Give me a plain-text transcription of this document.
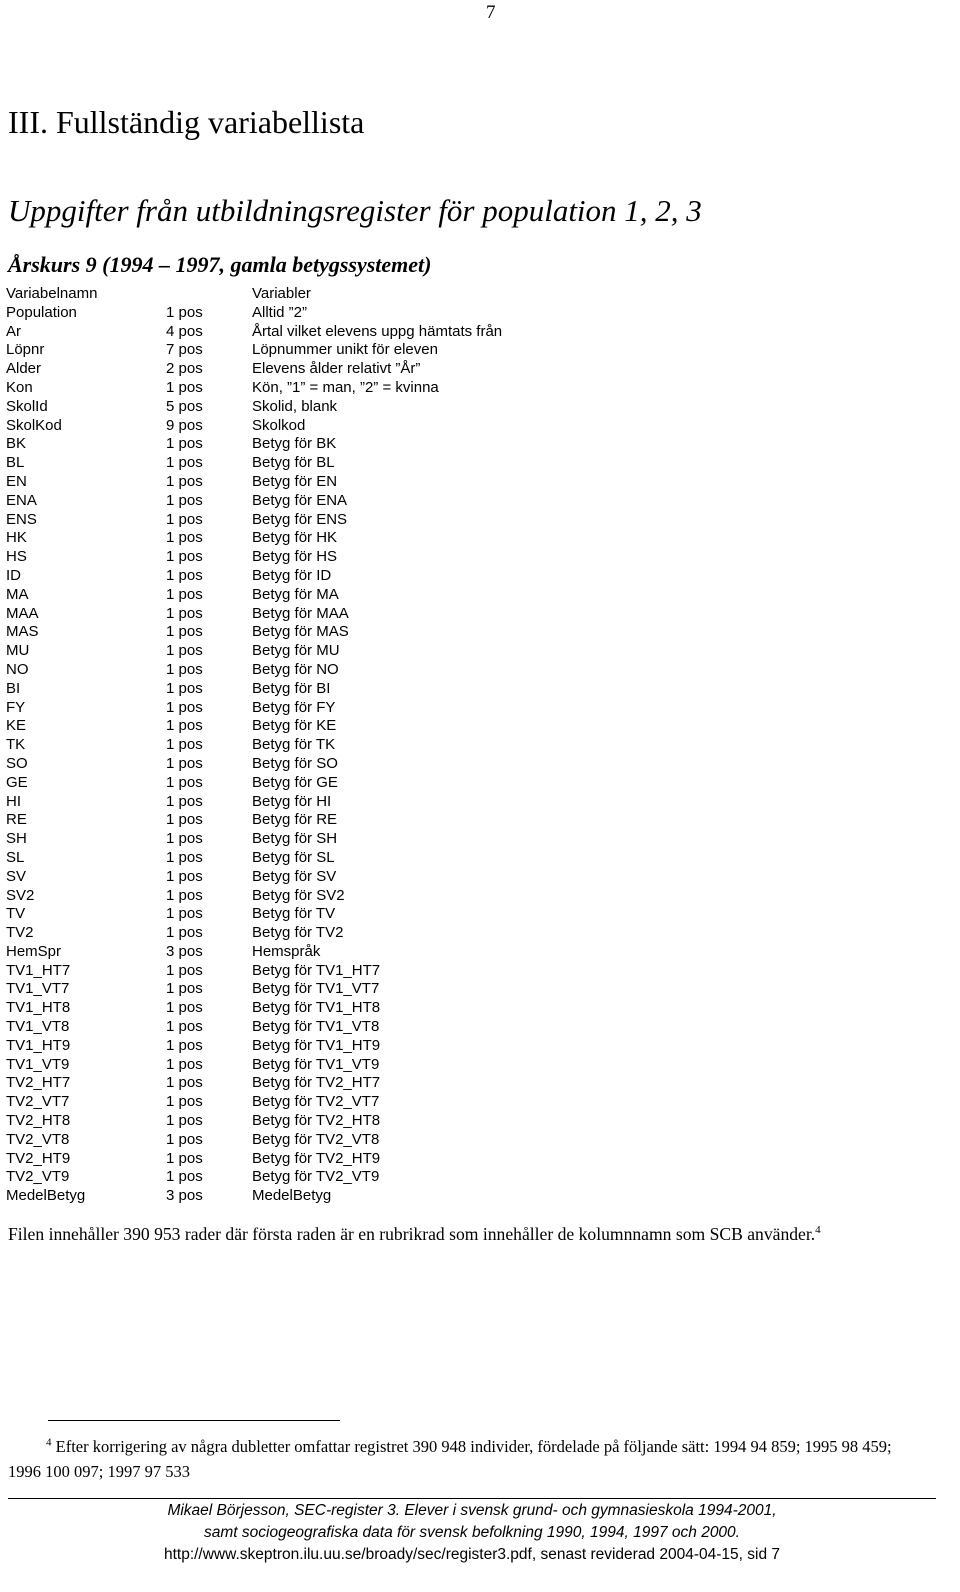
7
III. Fullständig variabellista
Uppgifter från utbildningsregister för population 1, 2, 3
Årskurs 9 (1994 – 1997, gamla betygssystemet)
Variabelnamn	Variabler
Population	1 pos	Alltid ”2”
Ar	4 pos	Årtal vilket elevens uppg hämtats från
Löpnr	7 pos	Löpnummer unikt för eleven
Alder	2 pos	Elevens ålder relativt ”År”
Kon	1 pos	Kön, ”1” = man, ”2” = kvinna
SkolId	5 pos	Skolid, blank
SkolKod	9 pos	Skolkod
BK	1 pos	Betyg för BK
BL	1 pos	Betyg för BL
EN	1 pos	Betyg för EN
ENA	1 pos	Betyg för ENA
ENS	1 pos	Betyg för ENS
HK	1 pos	Betyg för HK
HS	1 pos	Betyg för HS
ID	1 pos	Betyg för ID
MA	1 pos	Betyg för MA
MAA	1 pos	Betyg för MAA
MAS	1 pos	Betyg för MAS
MU	1 pos	Betyg för MU
NO	1 pos	Betyg för NO
BI	1 pos	Betyg för BI
FY	1 pos	Betyg för FY
KE	1 pos	Betyg för KE
TK	1 pos	Betyg för TK
SO	1 pos	Betyg för SO
GE	1 pos	Betyg för GE
HI	1 pos	Betyg för HI
RE	1 pos	Betyg för RE
SH	1 pos	Betyg för SH
SL	1 pos	Betyg för SL
SV	1 pos	Betyg för SV
SV2	1 pos	Betyg för SV2
TV	1 pos	Betyg för TV
TV2	1 pos	Betyg för TV2
HemSpr	3 pos	Hemspråk
TV1_HT7	1 pos	Betyg för TV1_HT7
TV1_VT7	1 pos	Betyg för TV1_VT7
TV1_HT8	1 pos	Betyg för TV1_HT8
TV1_VT8	1 pos	Betyg för TV1_VT8
TV1_HT9	1 pos	Betyg för TV1_HT9
TV1_VT9	1 pos	Betyg för TV1_VT9
TV2_HT7	1 pos	Betyg för TV2_HT7
TV2_VT7	1 pos	Betyg för TV2_VT7
TV2_HT8	1 pos	Betyg för TV2_HT8
TV2_VT8	1 pos	Betyg för TV2_VT8
TV2_HT9	1 pos	Betyg för TV2_HT9
TV2_VT9	1 pos	Betyg för TV2_VT9
MedelBetyg	3 pos	MedelBetyg
Filen innehåller 390 953 rader där första raden är en rubrikrad som innehåller de kolumnnamn som SCB använder.$^4$

$^4$ Efter korrigering av några dubletter omfattar registret 390 948 individer, fördelade på följande sätt: 1994 94 859; 1995 98 459; 1996 100 097; 1997 97 533

Mikael Börjesson, SEC-register 3. Elever i svensk grund- och gymnasieskola 1994-2001,
samt sociogeografiska data för svensk befolkning 1990, 1994, 1997 och 2000.
http://www.skeptron.ilu.uu.se/broady/sec/register3.pdf, senast reviderad 2004-04-15, sid 7
